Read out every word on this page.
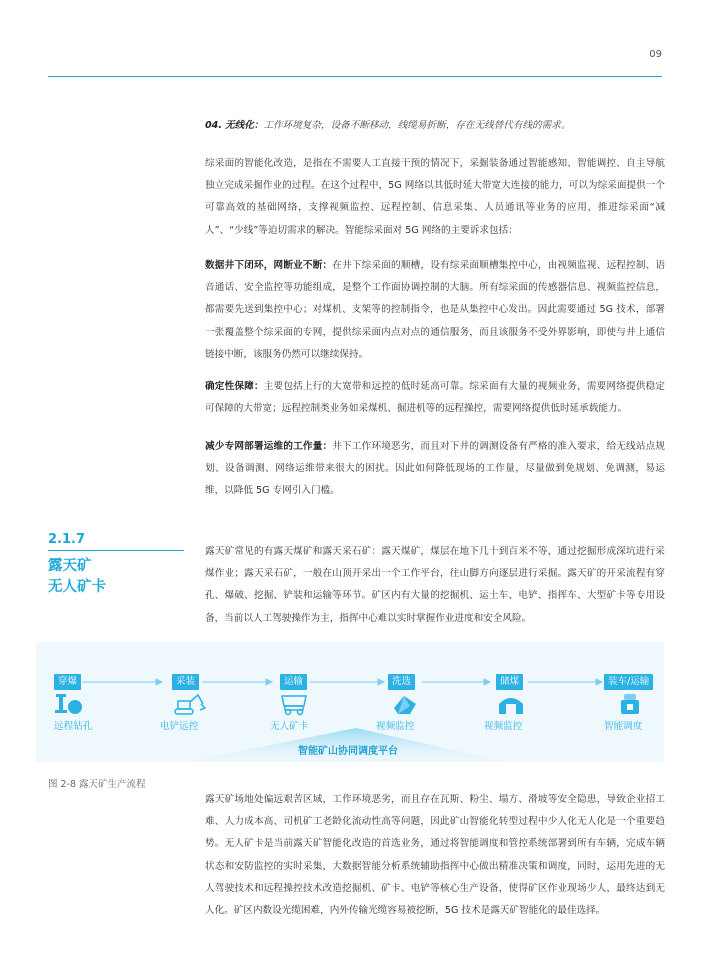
09

04. 无线化：工作环境复杂，设备不断移动，线缆易折断，存在无线替代有线的需求。

综采面的智能化改造，是指在不需要人工直接干预的情况下，采掘装备通过智能感知、智能调控、自主导航独立完成采掘作业的过程。在这个过程中，5G 网络以其低时延大带宽大连接的能力，可以为综采面提供一个可靠高效的基础网络，支撑视频监控、远程控制、信息采集、人员通讯等业务的应用，推进综采面“减人”、“少线”等迫切需求的解决。智能综采面对 5G 网络的主要诉求包括：

数据井下闭环，网断业不断：在井下综采面的顺槽，设有综采面顺槽集控中心，由视频监视、远程控制、语音通话、安全监控等功能组成，是整个工作面协调控制的大脑。所有综采面的传感器信息、视频监控信息，都需要先送到集控中心；对煤机、支架等的控制指令，也是从集控中心发出。因此需要通过 5G 技术，部署一张覆盖整个综采面的专网，提供综采面内点对点的通信服务，而且该服务不受外界影响，即使与井上通信链接中断，该服务仍然可以继续保持。

确定性保障：主要包括上行的大宽带和远控的低时延高可靠。综采面有大量的视频业务，需要网络提供稳定可保障的大带宽；远程控制类业务如采煤机、掘进机等的远程操控，需要网络提供低时延承载能力。

减少专网部署运维的工作量：井下工作环境恶劣，而且对下井的调测设备有严格的准入要求，给无线站点规划、设备调测、网络运维带来很大的困扰。因此如何降低现场的工作量，尽量做到免规划、免调测，易运维，以降低 5G 专网引入门槛。

2.1.7
露天矿
无人矿卡

露天矿常见的有露天煤矿和露天采石矿：露天煤矿，煤层在地下几十到百米不等，通过挖掘形成深坑进行采煤作业；露天采石矿，一般在山顶开采出一个工作平台，往山脚方向逐层进行采掘。露天矿的开采流程有穿孔、爆破、挖掘、铲装和运输等环节。矿区内有大量的挖掘机、运土车、电铲、指挥车、大型矿卡等专用设备，当前以人工驾驶操作为主，指挥中心难以实时掌握作业进度和安全风险。

穿爆
远程钻孔
采装
电铲远控
运输
无人矿卡
洗选
视频监控
储煤
视频监控
装车/运输
智能调度
智能矿山协同调度平台
图 2-8 露天矿生产流程

露天矿场地处偏远艰苦区域，工作环境恶劣，而且存在瓦斯、粉尘、塌方、滑坡等安全隐患，导致企业招工难、人力成本高、司机矿工老龄化流动性高等问题，因此矿山智能化转型过程中少人化无人化是一个重要趋势。无人矿卡是当前露天矿智能化改造的首选业务，通过将智能调度和管控系统部署到所有车辆，完成车辆状态和安防监控的实时采集，大数据智能分析系统辅助指挥中心做出精准决策和调度，同时，运用先进的无人驾驶技术和远程操控技术改造挖掘机、矿卡、电铲等核心生产设备，使得矿区作业现场少人，最终达到无人化。矿区内数设光缆困难，内外传输光缆容易被挖断，5G 技术是露天矿智能化的最佳选择。
